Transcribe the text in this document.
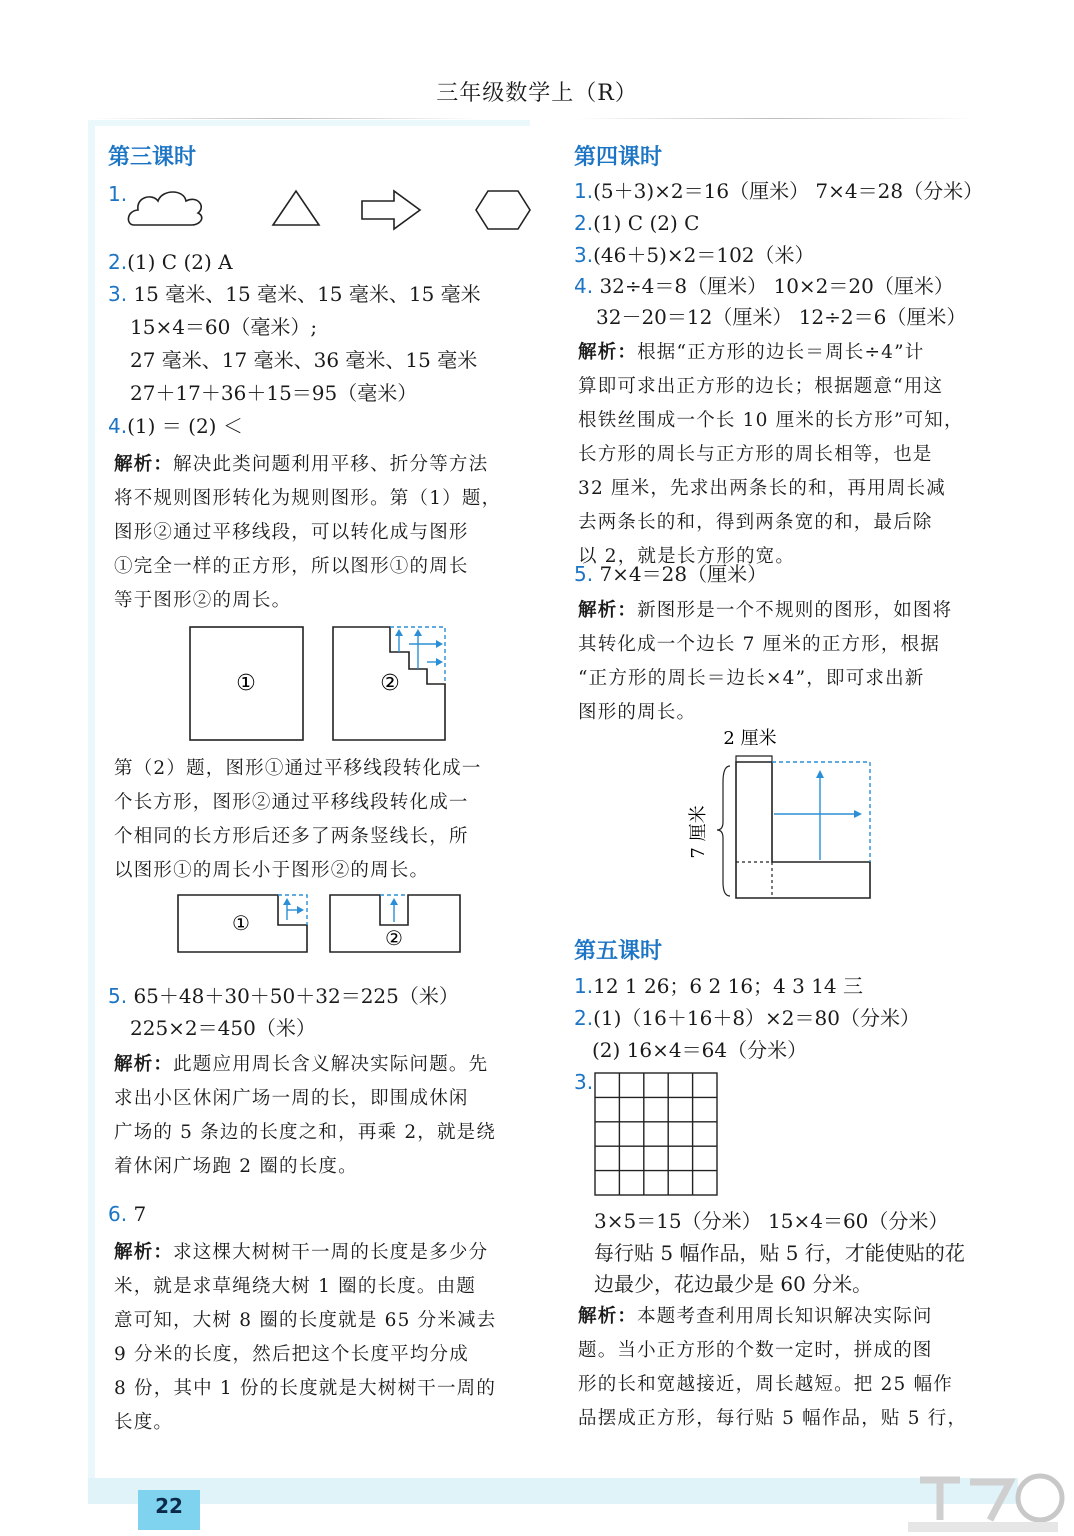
三年级数学上（R）
22
第三课时
1.
2.(1) C (2) A
3. 15 毫米、15 毫米、15 毫米、15 毫米
15×4＝60（毫米）;
27 毫米、17 毫米、36 毫米、15 毫米
27＋17＋36＋15＝95（毫米）
4.(1) ＝ (2) ＜
解析：解决此类问题利用平移、折分等方法
将不规则图形转化为规则图形。第（1）题，
图形②通过平移线段，可以转化成与图形
①完全一样的正方形，所以图形①的周长
等于图形②的周长。
①	②
第（2）题，图形①通过平移线段转化成一
个长方形，图形②通过平移线段转化成一
个相同的长方形后还多了两条竖线长，所
以图形①的周长小于图形②的周长。
①
②
5. 65＋48＋30＋50＋32＝225（米）
225×2＝450（米）
解析：此题应用周长含义解决实际问题。先
求出小区休闲广场一周的长，即围成休闲
广场的 5 条边的长度之和，再乘 2，就是绕
着休闲广场跑 2 圈的长度。
6. 7
解析：求这棵大树树干一周的长度是多少分
米，就是求草绳绕大树 1 圈的长度。由题
意可知，大树 8 圈的长度就是 65 分米减去
9 分米的长度，然后把这个长度平均分成
8 份，其中 1 份的长度就是大树树干一周的
长度。
第四课时
1.(5＋3)×2＝16（厘米） 7×4＝28（分米）
2.(1) C (2) C
3.(46＋5)×2＝102（米）
4. 32÷4＝8（厘米） 10×2＝20（厘米）
32－20＝12（厘米） 12÷2＝6（厘米）
解析：根据“正方形的边长＝周长÷4”计
算即可求出正方形的边长；根据题意“用这
根铁丝围成一个长 10 厘米的长方形”可知，
长方形的周长与正方形的周长相等，也是
32 厘米，先求出两条长的和，再用周长减
去两条长的和，得到两条宽的和，最后除
以 2，就是长方形的宽。
5. 7×4＝28（厘米）
解析：新图形是一个不规则的图形，如图将
其转化成一个边长 7 厘米的正方形，根据
“正方形的周长＝边长×4”，即可求出新
图形的周长。
2 厘米
7 厘米
第五课时
1.12 1 26；6 2 16；4 3 14 三
2.(1)（16＋16＋8）×2＝80（分米）
(2) 16×4＝64（分米）
3.
3×5＝15（分米） 15×4＝60（分米）
每行贴 5 幅作品，贴 5 行，才能使贴的花
边最少，花边最少是 60 分米。
解析：本题考查利用周长知识解决实际问
题。当小正方形的个数一定时，拼成的图
形的长和宽越接近，周长越短。把 25 幅作
品摆成正方形，每行贴 5 幅作品，贴 5 行，
